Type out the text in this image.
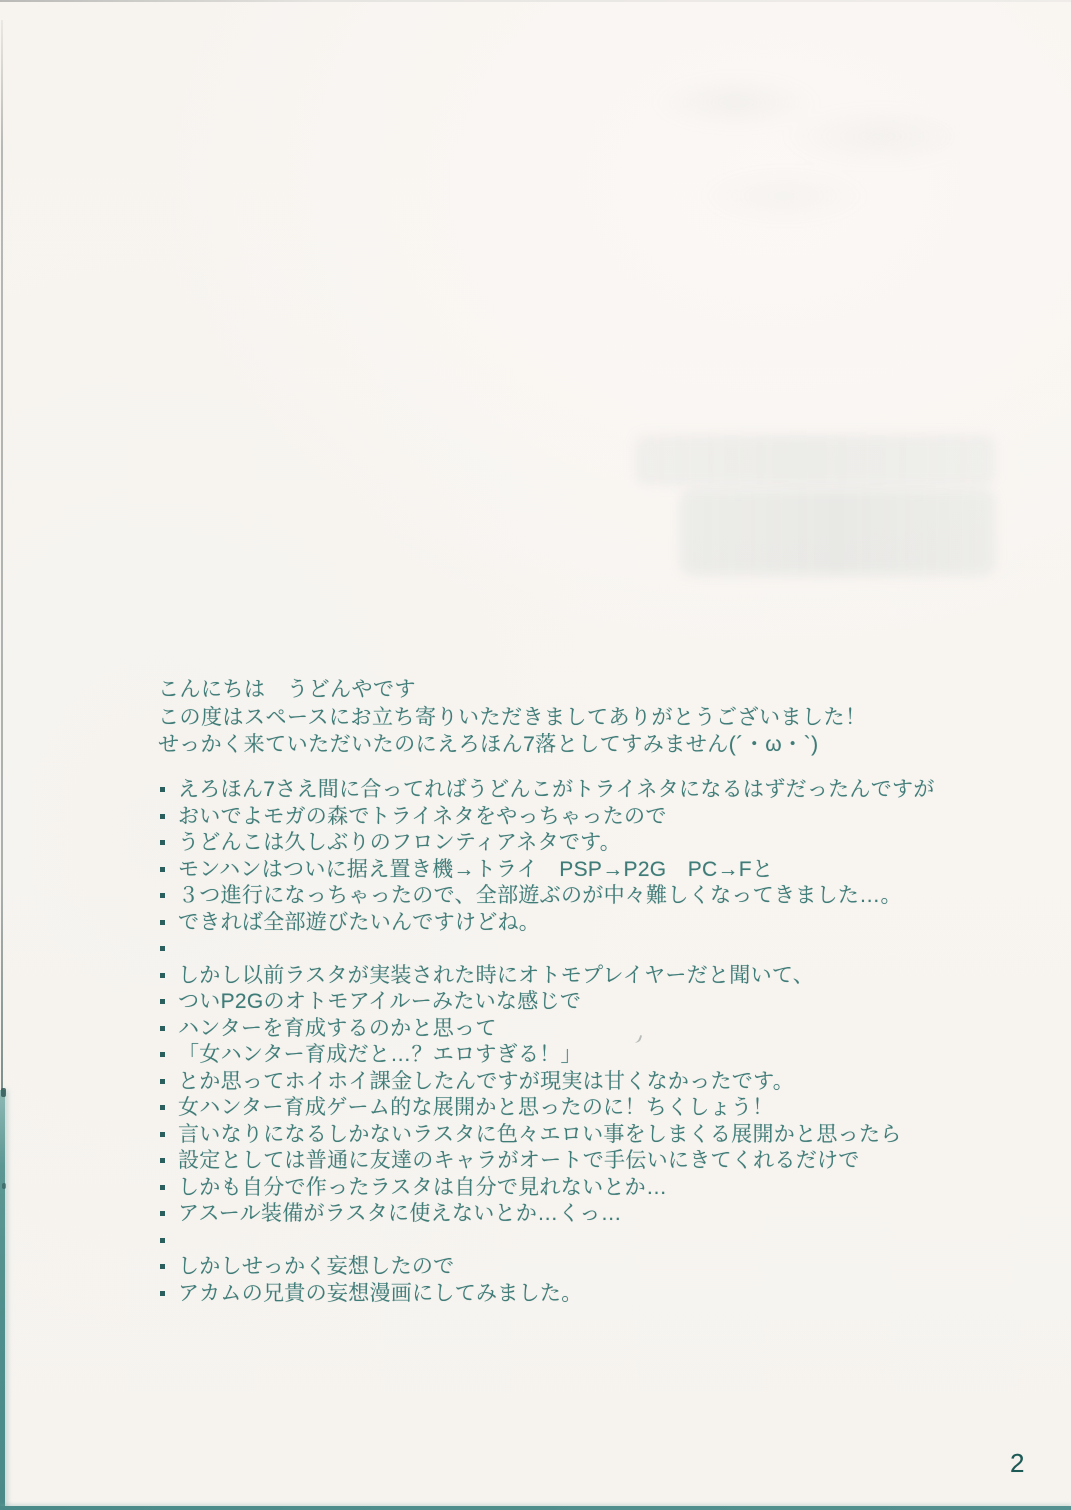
こんにちは　うどんやです
この度はスペースにお立ち寄りいただきましてありがとうございました！
せっかく来ていただいたのにえろほん7落としてすみません(´・ω・`)
えろほん7さえ間に合ってればうどんこがトライネタになるはずだったんですが
おいでよモガの森でトライネタをやっちゃったので
うどんこは久しぶりのフロンティアネタです。
モンハンはついに据え置き機→トライ　PSP→P2G　PC→Fと
３つ進行になっちゃったので、全部遊ぶのが中々難しくなってきました…。
できれば全部遊びたいんですけどね。
しかし以前ラスタが実装された時にオトモプレイヤーだと聞いて、
ついP2Gのオトモアイルーみたいな感じで
ハンターを育成するのかと思って
「女ハンター育成だと…？エロすぎる！」
とか思ってホイホイ課金したんですが現実は甘くなかったです。
女ハンター育成ゲーム的な展開かと思ったのに！ちくしょう！
言いなりになるしかないラスタに色々エロい事をしまくる展開かと思ったら
設定としては普通に友達のキャラがオートで手伝いにきてくれるだけで
しかも自分で作ったラスタは自分で見れないとか…
アスール装備がラスタに使えないとか…くっ…
しかしせっかく妄想したので
アカムの兄貴の妄想漫画にしてみました。
2
